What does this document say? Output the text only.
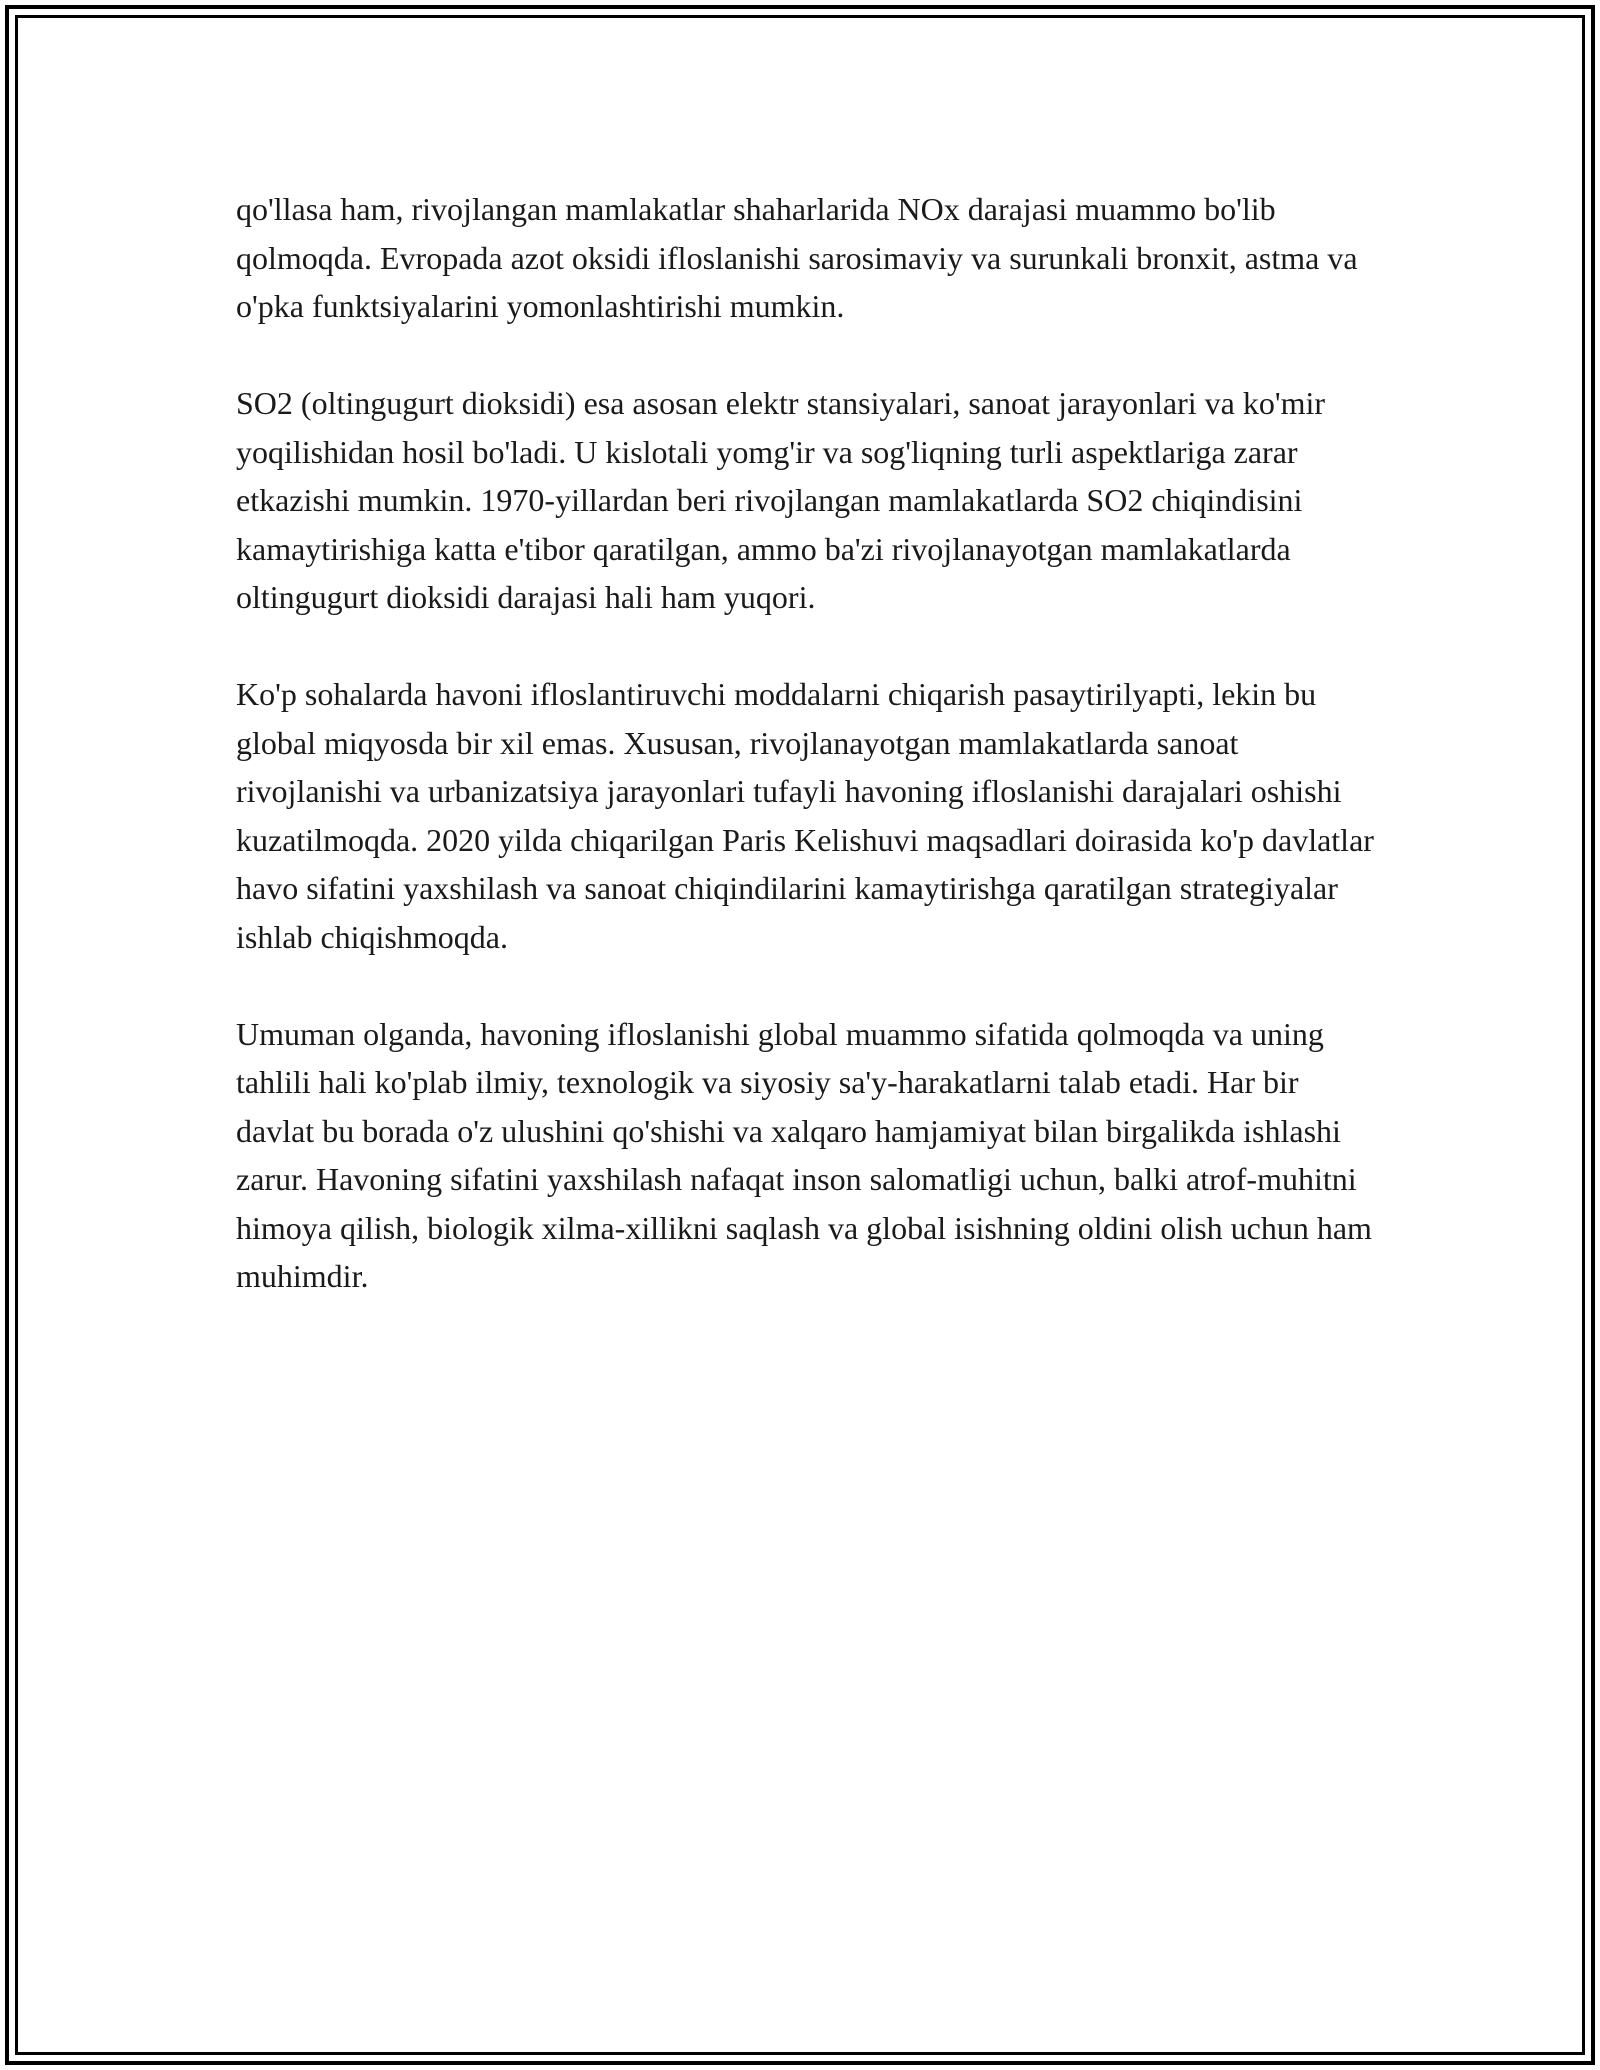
qo'llasa ham, rivojlangan mamlakatlar shaharlarida NOx darajasi muammo bo'lib qolmoqda. Evropada azot oksidi ifloslanishi sarosimaviy va surunkali bronxit, astma va o'pka funktsiyalarini yomonlashtirishi mumkin.

SO2 (oltingugurt dioksidi) esa asosan elektr stansiyalari, sanoat jarayonlari va ko'mir yoqilishidan hosil bo'ladi. U kislotali yomg'ir va sog'liqning turli aspektlariga zarar etkazishi mumkin. 1970-yillardan beri rivojlangan mamlakatlarda SO2 chiqindisini kamaytirishiga katta e'tibor qaratilgan, ammo ba'zi rivojlanayotgan mamlakatlarda oltingugurt dioksidi darajasi hali ham yuqori.

Ko'p sohalarda havoni ifloslantiruvchi moddalarni chiqarish pasaytirilyapti, lekin bu global miqyosda bir xil emas. Xususan, rivojlanayotgan mamlakatlarda sanoat rivojlanishi va urbanizatsiya jarayonlari tufayli havoning ifloslanishi darajalari oshishi kuzatilmoqda. 2020 yilda chiqarilgan Paris Kelishuvi maqsadlari doirasida ko'p davlatlar havo sifatini yaxshilash va sanoat chiqindilarini kamaytirishga qaratilgan strategiyalar ishlab chiqishmoqda.

Umuman olganda, havoning ifloslanishi global muammo sifatida qolmoqda va uning tahlili hali ko'plab ilmiy, texnologik va siyosiy sa'y-harakatlarni talab etadi. Har bir davlat bu borada o'z ulushini qo'shishi va xalqaro hamjamiyat bilan birgalikda ishlashi zarur. Havoning sifatini yaxshilash nafaqat inson salomatligi uchun, balki atrof-muhitni himoya qilish, biologik xilma-xillikni saqlash va global isishning oldini olish uchun ham muhimdir.
